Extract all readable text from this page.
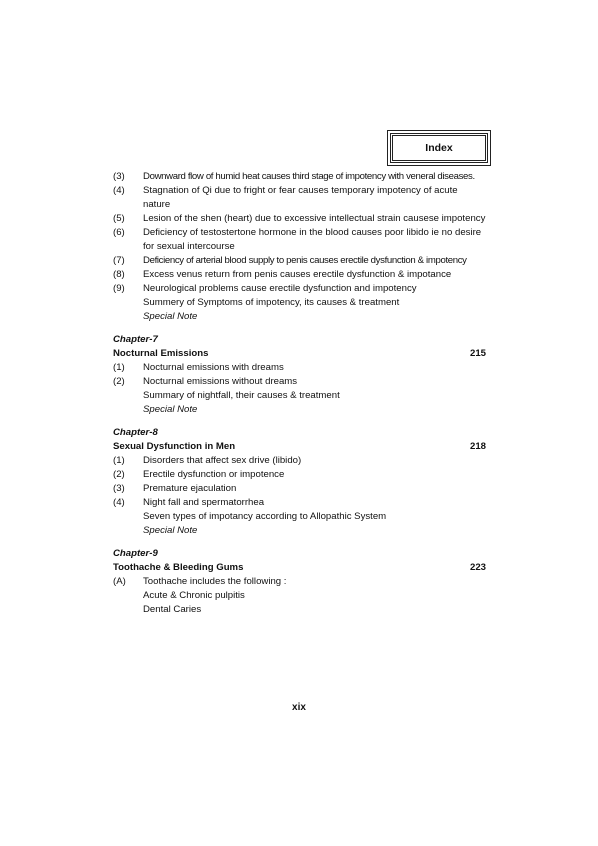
Index
(3)	Downward flow of humid heat causes third stage of impotency with veneral diseases.
(4)	Stagnation of Qi due to fright or fear causes temporary impotency of acute nature
(5)	Lesion of the shen (heart) due to excessive intellectual strain causese impotency
(6)	Deficiency of testostertone hormone in the blood causes poor libido ie no desire
for sexual intercourse
(7)	Deficiency of arterial blood supply to penis causes erectile dysfunction & impotency
(8)	Excess venus return from penis causes erectile dysfunction & impotance
(9)	Neurological problems cause erectile dysfunction and impotency
Summery of Symptoms of impotency, its causes & treatment
Special Note
Chapter-7
Nocturnal Emissions	215
(1)	Nocturnal emissions with dreams
(2)	Nocturnal emissions without dreams
Summary of nightfall, their causes & treatment
Special Note
Chapter-8
Sexual Dysfunction in Men	218
(1)	Disorders that affect sex drive (libido)
(2)	Erectile dysfunction or impotence
(3)	Premature ejaculation
(4)	Night fall and spermatorrhea
Seven types of impotancy according to Allopathic System
Special Note
Chapter-9
Toothache & Bleeding Gums	223
(A)	Toothache includes the following :
Acute & Chronic pulpitis
Dental Caries
xix
